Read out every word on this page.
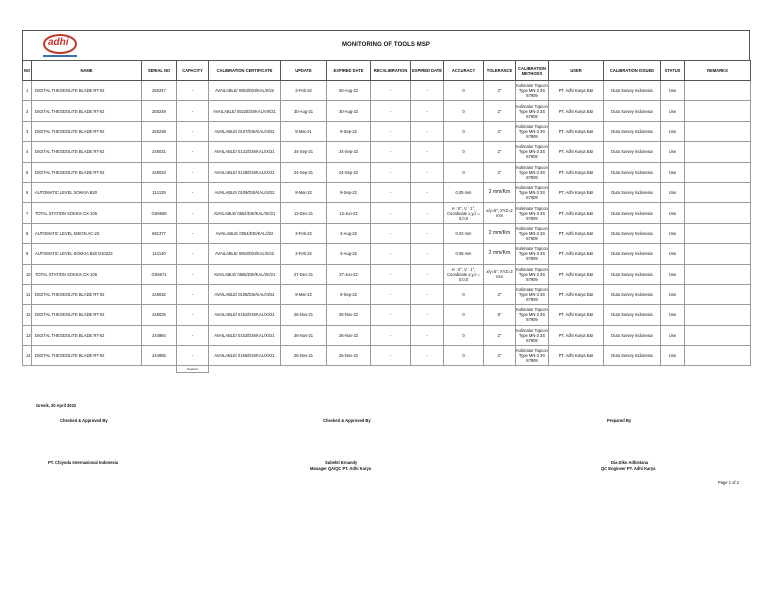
adhi	MONITORING OF TOOLS MSP
NO	NAME	SERIAL NO	CAPACITY	CALIBRATION CERTIFICATE	UPDATE	EXPIRED DATE	RECALIBRATION	EXPIRED DATE	ACCURACY	TOLERANCE	CALIBRATION METHODS	USER	CALIBRATION ISSUED	STATUS	REMARKS
1	DIGITAL THEODOLITE BLADE RT-02	250247	-	AVAILABLE/ 0054/DSI/KAL/II/22	3-Feb-22	30-Aug-22	-	-	0	2"	Kolimator Topcon Type MN-3 3S 87909	PT. Adhi Karya E&I	Duta Survey Indonesia	Use	
2	DIGITAL THEODOLITE BLADE RT-02	250249	-	AVAILABLE/ 0522/DSI/KAL/VIII/21	30-Aug-21	30-Aug-22	-	-	0	2"	Kolimator Topcon Type MN-3 3S 87909	PT. Adhi Karya E&I	Duta Survey Indonesia	Use	
3	DIGITAL THEODOLITE BLADE RT-02	250238	-	AVAILABLE/ 0107/DSI/KAL/III/22	9-Mar-21	9-Sep-22	-	-	0	2"	Kolimator Topcon Type MN-3 3S 87909	PT. Adhi Karya E&I	Duta Survey Indonesia	Use	
4	DIGITAL THEODOLITE BLADE RT-02	245031	-	AVAILABLE/ 0131/DSI/KAL/IX/21	24-Sep-21	24-Sep-22	-	-	0	2"	Kolimator Topcon Type MN-3 3S 87909	PT. Adhi Karya E&I	Duta Survey Indonesia	Use	
5	DIGITAL THEODOLITE BLADE RT-02	245033	-	AVAILABLE/ 0128/DSI/KAL/IX/21	24-Sep-21	24-Sep-22	-	-	0	2"	Kolimator Topcon Type MN-3 3S 87909	PT. Adhi Karya E&I	Duta Survey Indonesia	Use	
6	AUTOMATIC LEVEL SOKKIA B20	114139	-	AVAILABLE/ 0109/DSI/KAL/III/22	9-Mar-22	9-Sep-22	-	-	0,05 mm	2 mm/Km	Kolimator Topcon Type MN-3 3S 87909	PT. Adhi Karya E&I	Duta Survey Indonesia	Use	
7	TOTAL STATION SOKKIA CX-105	GS6659	-	AVAILABLE/ 0562/DSI/KAL/XII/21	13-Dec-21	13-Jun-22	-	-	H : 0°, V : 1°, Coordinate x,y,z = 0,0,0	x/y=5", XYZ=2 mm	Kolimator Topcon Type MN-3 3S 87909	PT. Adhi Karya E&I	Duta Survey Indonesia	Use	
8	AUTOMATIC LEVEL NIKON AC-2S	691377	-	AVAILABLE/ 0054/DSI/KAL/I/22	3-Feb-22	3-Aug-22	-	-	0.02 mm	2 mm/Km	Kolimator Topcon Type MN-3 3S 87909	PT. Adhi Karya E&I	Duta Survey Indonesia	Use	
9	AUTOMATIC LEVEL SOKKIA B20 D10323	114140	-	AVAILABLE/ 0053/DSI/KAL/II/22	3-Feb-22	3-Aug-22	-	-	0.05 mm	2 mm/Km	Kolimator Topcon Type MN-3 3S 87909	PT. Adhi Karya E&I	Duta Survey Indonesia	Use	
10	TOTAL STATION SOKKIA CX-105	GS6671	-	AVAILABLE/ 0565/DSI/KAL/XII/21	27-Dec-21	27-Jun-22	-	-	H : 0°, V : 1°, Coordinate x,y,z = 0,0,0	x/y=5", XYZ=2 mm	Kolimator Topcon Type MN-3 3S 87909	PT. Adhi Karya E&I	Duta Survey Indonesia	Use	
11	DIGITAL THEODOLITE BLADE RT-02	245032	-	AVAILABLE/ 0108/DSI/KAL/III/22	9-Mar-22	9-Sep-22	-	-	0	2"	Kolimator Topcon Type MN-3 3S 87909	PT. Adhi Karya E&I	Duta Survey Indonesia	Use	
12	DIGITAL THEODOLITE BLADE RT-02	245025	-	AVAILABLE/ 0151/DSI/KAL/XI/21	26-Nov-21	26-Nov-22	-	-	0	9"	Kolimator Topcon Type MN-3 3S 87909	PT. Adhi Karya E&I	Duta Survey Indonesia	Use	
13	DIGITAL THEODOLITE BLADE RT-02	244984	-	AVAILABLE/ 0153/DSI/KAL/XI/21	26-Nov-21	26-Nov-22	-	-	0	2"	Kolimator Topcon Type MN-3 3S 87909	PT. Adhi Karya E&I	Duta Survey Indonesia	Use	
14	DIGITAL THEODOLITE BLADE RT-02	244955	-	AVAILABLE/ 0156/DSI/KAL/XI/21	26-Nov-21	26-Nov-22	-	-	0	2"	Kolimator Topcon Type MN-3 3S 87909	PT. Adhi Karya E&I	Duta Survey Indonesia	Use	
			Expired												
Gresik, 20 April 2022
Checked & Approved By	Checked & Approved By	Prepared By
PT. Chiyoda Internasional Indonesia	Subekti Ernandy
Manager QA/QC PT. Adhi Karya
Dia Diko Adhistana
QC Engineer PT. Adhi Karya
Page 1 of 2
